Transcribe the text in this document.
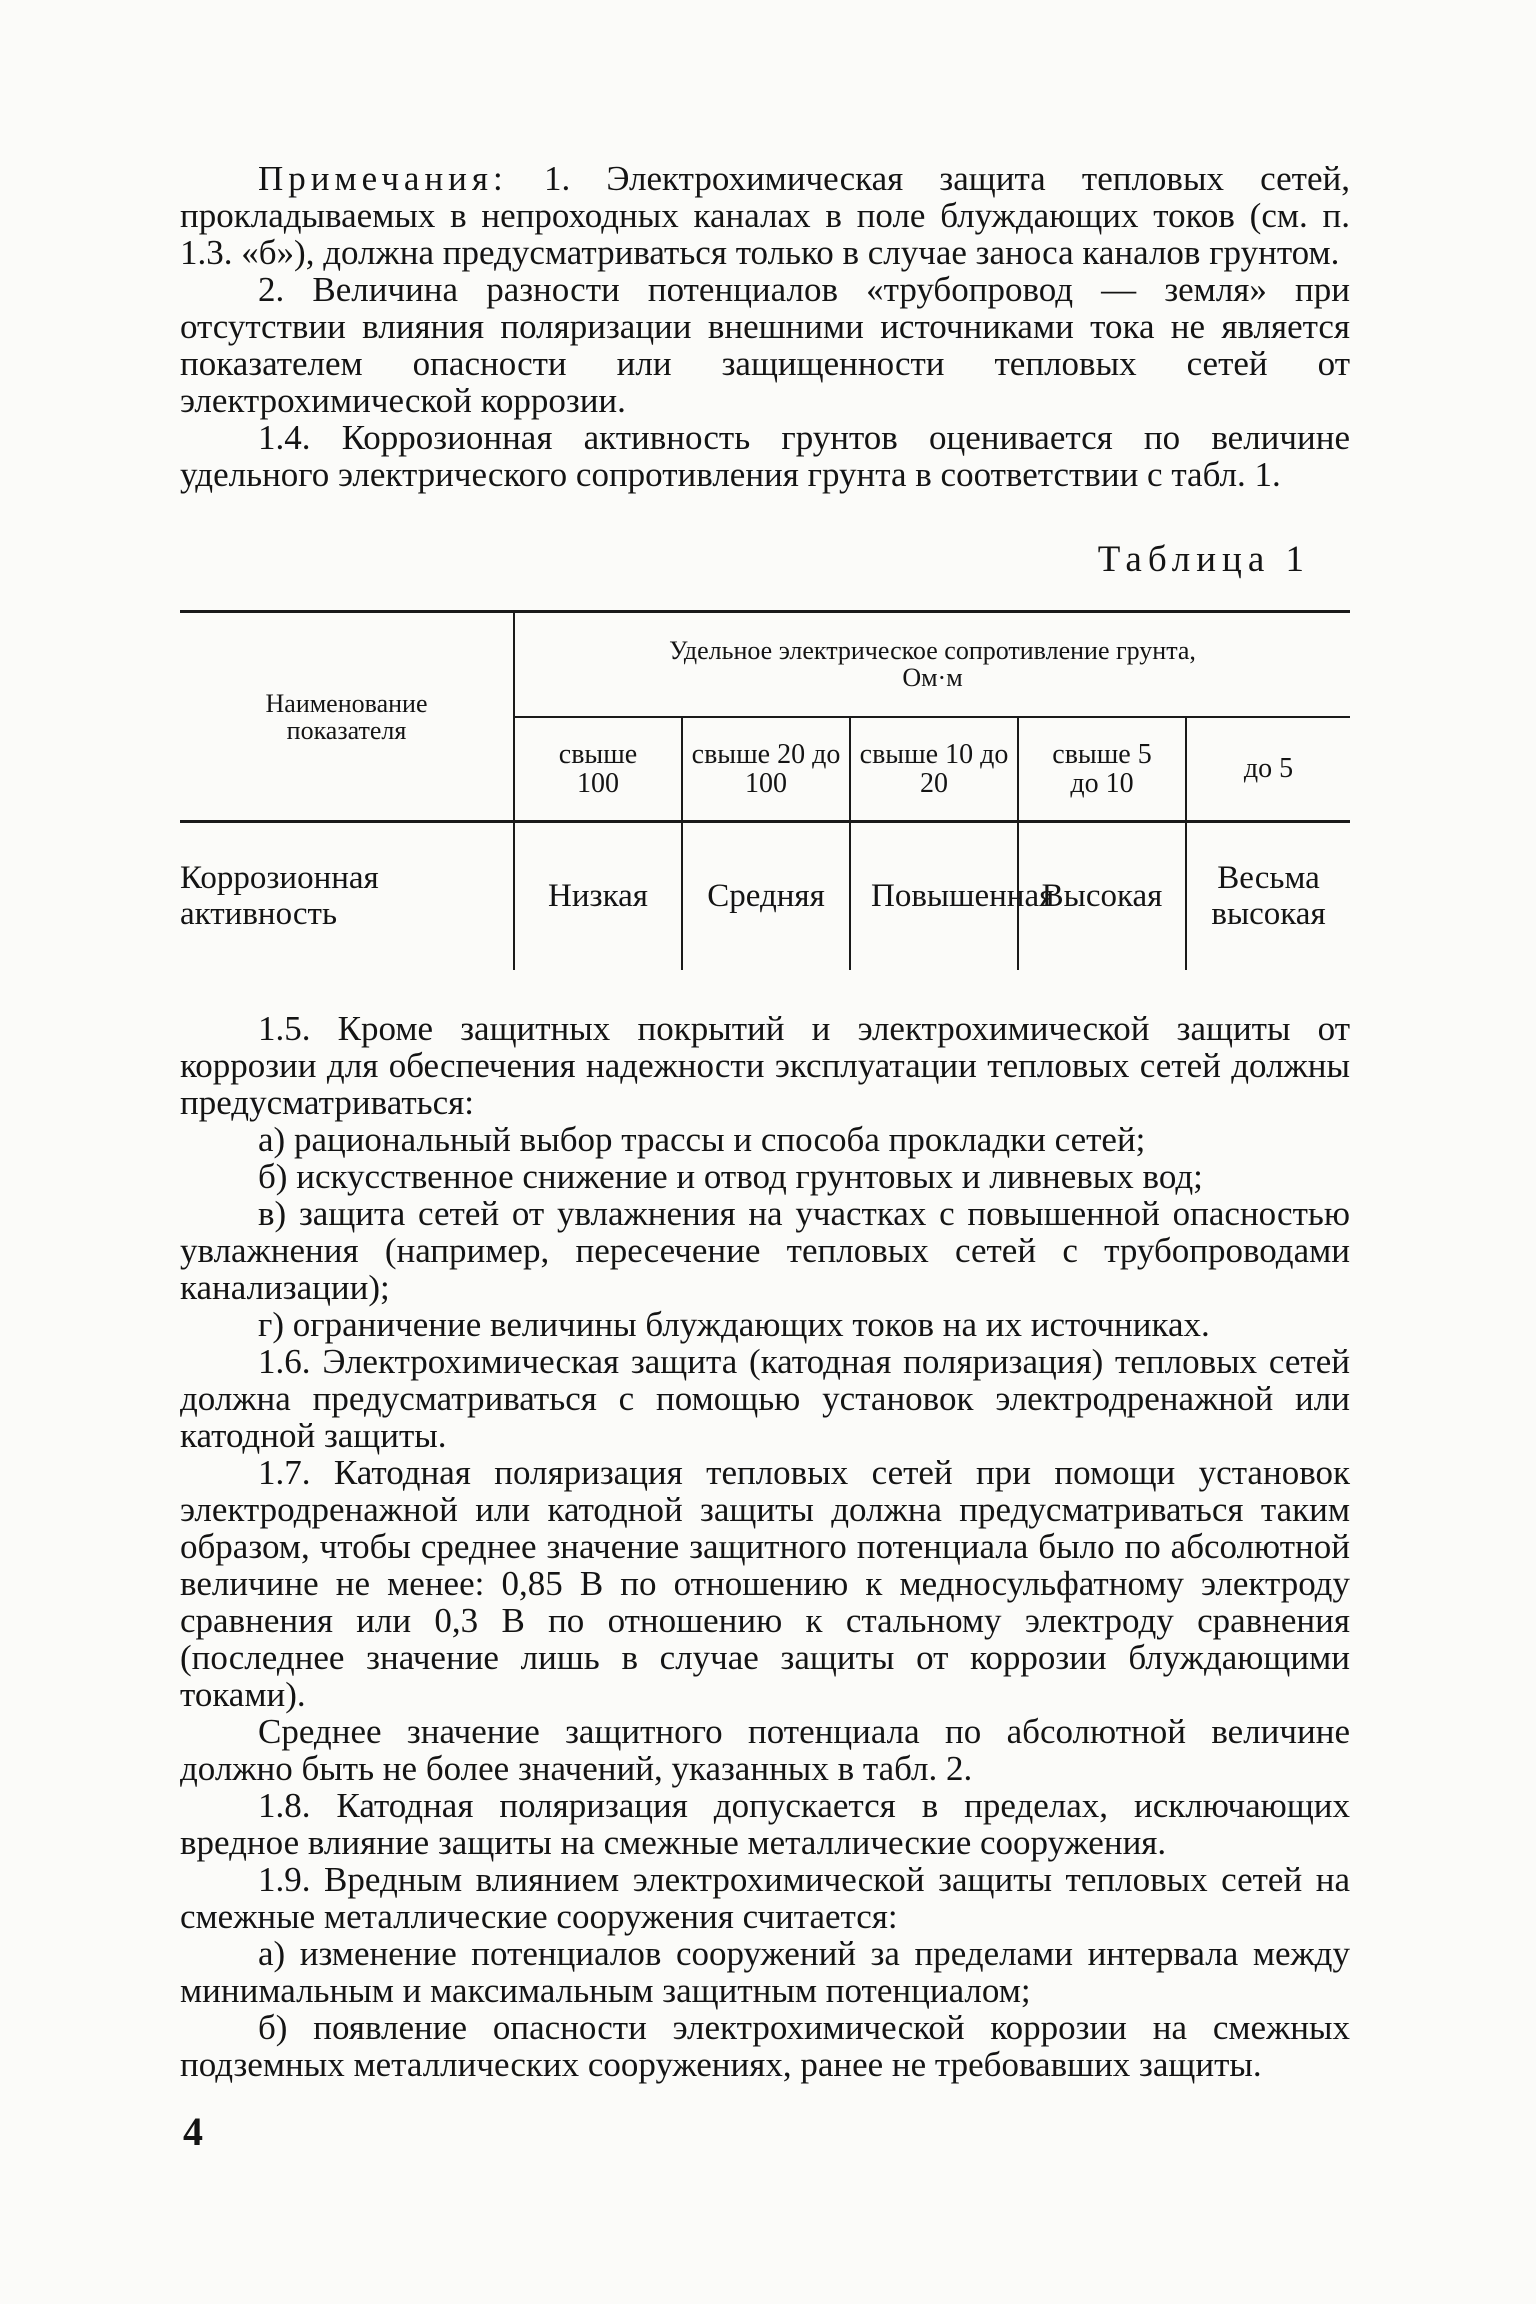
Примечания: 1. Электрохимическая защита тепловых сетей, прокладываемых в непроходных каналах в поле блуждающих токов (см. п. 1.3. «б»), должна предусматриваться только в случае заноса каналов грунтом.

2. Величина разности потенциалов «трубопровод — земля» при отсутствии влияния поляризации внешними источниками тока не является показателем опасности или защищенности тепловых сетей от электрохимической коррозии.

1.4. Коррозионная активность грунтов оценивается по величине удельного электрического сопротивления грунта в соответствии с табл. 1.

Таблица 1
Наименование показателя	Удельное электрическое сопротивление грунта, Ом·м				
	свыше 100	свыше 20 до 100	свыше 10 до 20	свыше 5 до 10	до 5
Коррозионная активность	Низкая	Средняя	Повышенная	Высокая	Весьма высокая

1.5. Кроме защитных покрытий и электрохимической защиты от коррозии для обеспечения надежности эксплуатации тепловых сетей должны предусматриваться:

а) рациональный выбор трассы и способа прокладки сетей;

б) искусственное снижение и отвод грунтовых и ливневых вод;

в) защита сетей от увлажнения на участках с повышенной опасностью увлажнения (например, пересечение тепловых сетей с трубопроводами канализации);

г) ограничение величины блуждающих токов на их источниках.

1.6. Электрохимическая защита (катодная поляризация) тепловых сетей должна предусматриваться с помощью установок электродренажной или катодной защиты.

1.7. Катодная поляризация тепловых сетей при помощи установок электродренажной или катодной защиты должна предусматриваться таким образом, чтобы среднее значение защитного потенциала было по абсолютной величине не менее: 0,85 В по отношению к медносульфатному электроду сравнения или 0,3 В по отношению к стальному электроду сравнения (последнее значение лишь в случае защиты от коррозии блуждающими токами).

Среднее значение защитного потенциала по абсолютной величине должно быть не более значений, указанных в табл. 2.

1.8. Катодная поляризация допускается в пределах, исключающих вредное влияние защиты на смежные металлические сооружения.

1.9. Вредным влиянием электрохимической защиты тепловых сетей на смежные металлические сооружения считается:

а) изменение потенциалов сооружений за пределами интервала между минимальным и максимальным защитным потенциалом;

б) появление опасности электрохимической коррозии на смежных подземных металлических сооружениях, ранее не требовавших защиты.

4
